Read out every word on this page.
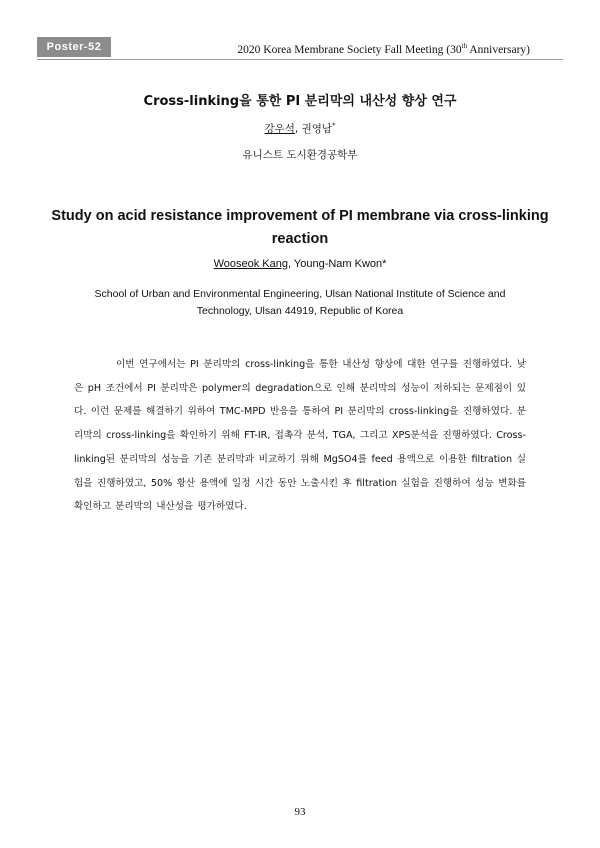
Poster-52	2020 Korea Membrane Society Fall Meeting (30th Anniversary)
Cross-linking을 통한 PI 분리막의 내산성 향상 연구
강우석, 권영남*
유니스트 도시환경공학부
Study on acid resistance improvement of PI membrane via cross-linking
reaction
Wooseok Kang, Young-Nam Kwon*
School of Urban and Environmental Engineering, Ulsan National Institute of Science and
Technology, Ulsan 44919, Republic of Korea

이번 연구에서는 PI 분리막의 cross-linking을 통한 내산성 향상에 대한 연구를 진행하였다. 낮은 pH 조건에서 PI 분리막은 polymer의 degradation으로 인해 분리막의 성능이 저하되는 문제점이 있다. 이런 문제를 해결하기 위하여 TMC-MPD 반응을 통하여 PI 분리막의 cross-linking을 진행하였다. 분리막의 cross-linking을 확인하기 위해 FT-IR, 접촉각 분석, TGA, 그리고 XPS분석을 진행하였다. Cross-linking된 분리막의 성능을 기존 분리막과 비교하기 위해 MgSO4를 feed 용액으로 이용한 filtration 실험을 진행하였고, 50% 황산 용액에 일정 시간 동안 노출시킨 후 filtration 실험을 진행하여 성능 변화를 확인하고 분리막의 내산성을 평가하였다.

93
